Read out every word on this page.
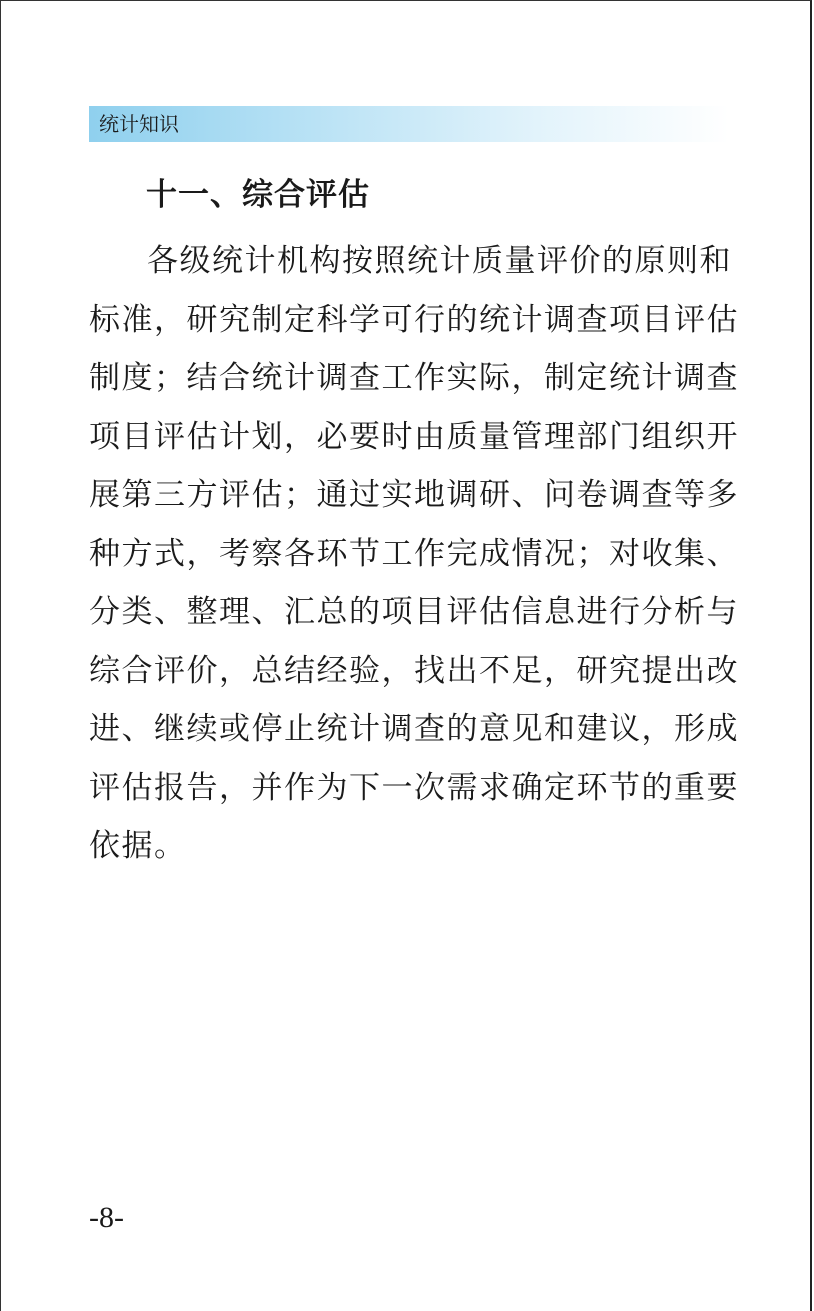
统计知识
十一、综合评估
各级统计机构按照统计质量评价的原则和
标准，研究制定科学可行的统计调查项目评估
制度；结合统计调查工作实际，制定统计调查
项目评估计划，必要时由质量管理部门组织开
展第三方评估；通过实地调研、问卷调查等多
种方式，考察各环节工作完成情况；对收集、
分类、整理、汇总的项目评估信息进行分析与
综合评价，总结经验，找出不足，研究提出改
进、继续或停止统计调查的意见和建议，形成
评估报告，并作为下一次需求确定环节的重要
依据。
-8-
